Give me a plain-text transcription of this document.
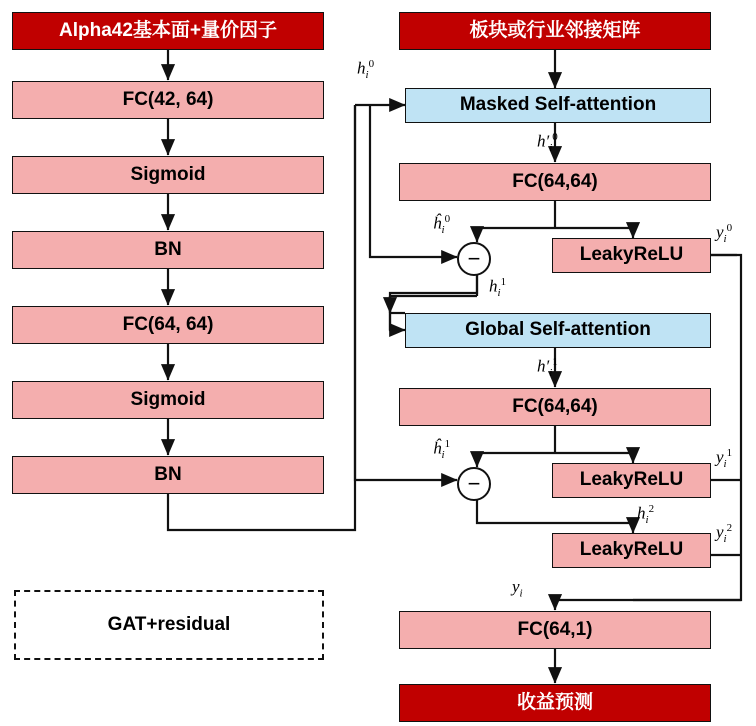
Alpha42基本面+量价因子
FC(42, 64)
Sigmoid
BN
FC(64, 64)
Sigmoid
BN
GAT+residual
板块或行业邻接矩阵
Masked Self-attention
FC(64,64)
LeakyReLU
Global Self-attention
FC(64,64)
LeakyReLU
LeakyReLU
FC(64,1)
收益预测
−
−
$h_i^0$
$h'_i^0$
$ĥ_i^0$
$h_i^1$
$h'_i^1$
$ĥ_i^1$
$h_i^2$
$y_i^0$
$y_i^1$
$y_i^2$
$y_i$
